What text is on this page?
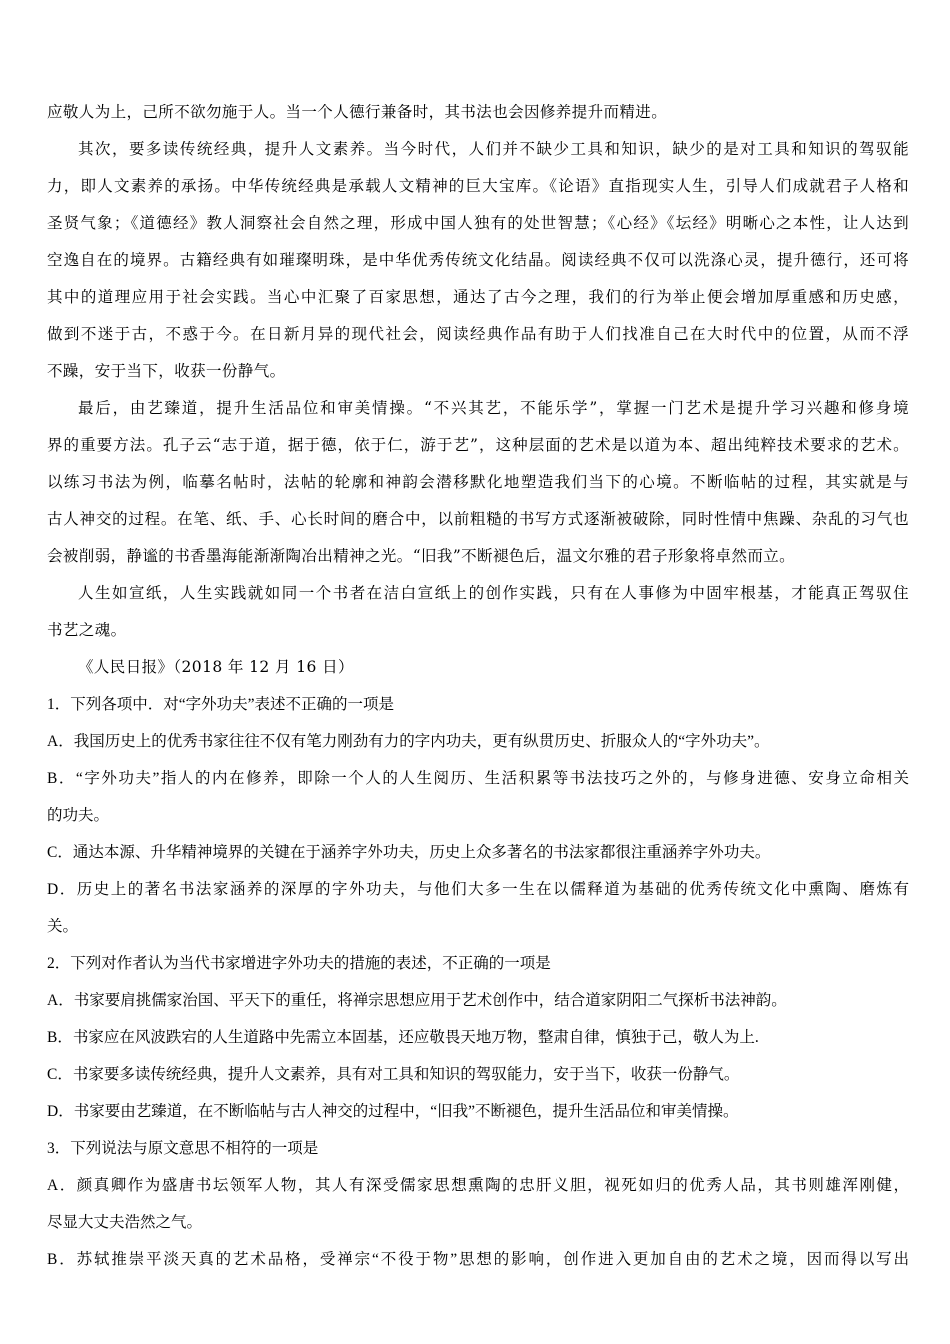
应敬人为上，己所不欲勿施于人。当一个人德行兼备时，其书法也会因修养提升而精进。
其次，要多读传统经典，提升人文素养。当今时代，人们并不缺少工具和知识，缺少的是对工具和知识的驾驭能
力，即人文素养的承扬。中华传统经典是承载人文精神的巨大宝库。《论语》直指现实人生，引导人们成就君子人格和
圣贤气象；《道德经》教人洞察社会自然之理，形成中国人独有的处世智慧；《心经》《坛经》明晰心之本性，让人达到
空逸自在的境界。古籍经典有如璀璨明珠，是中华优秀传统文化结晶。阅读经典不仅可以洗涤心灵，提升德行，还可将
其中的道理应用于社会实践。当心中汇聚了百家思想，通达了古今之理，我们的行为举止便会增加厚重感和历史感，
做到不迷于古，不惑于今。在日新月异的现代社会，阅读经典作品有助于人们找准自己在大时代中的位置，从而不浮
不躁，安于当下，收获一份静气。
最后，由艺臻道，提升生活品位和审美情操。“不兴其艺，不能乐学”，掌握一门艺术是提升学习兴趣和修身境
界的重要方法。孔子云“志于道，据于德，依于仁，游于艺”，这种层面的艺术是以道为本、超出纯粹技术要求的艺术。
以练习书法为例，临摹名帖时，法帖的轮廓和神韵会潜移默化地塑造我们当下的心境。不断临帖的过程，其实就是与
古人神交的过程。在笔、纸、手、心长时间的磨合中，以前粗糙的书写方式逐渐被破除，同时性情中焦躁、杂乱的习气也
会被削弱，静谧的书香墨海能渐渐陶冶出精神之光。“旧我”不断褪色后，温文尔雅的君子形象将卓然而立。
人生如宣纸，人生实践就如同一个书者在洁白宣纸上的创作实践，只有在人事修为中固牢根基，才能真正驾驭住
书艺之魂。
《人民日报》（2018 年 12 月 16 日）
1．下列各项中．对“字外功夫”表述不正确的一项是
A．我国历史上的优秀书家往往不仅有笔力刚劲有力的字内功夫，更有纵贯历史、折服众人的“字外功夫”。
B．“字外功夫”指人的内在修养，即除一个人的人生阅历、生活积累等书法技巧之外的，与修身进德、安身立命相关
的功夫。
C．通达本源、升华精神境界的关键在于涵养字外功夫，历史上众多著名的书法家都很注重涵养字外功夫。
D．历史上的著名书法家涵养的深厚的字外功夫，与他们大多一生在以儒释道为基础的优秀传统文化中熏陶、磨炼有
关。
2．下列对作者认为当代书家增进字外功夫的措施的表述，不正确的一项是
A．书家要肩挑儒家治国、平天下的重任，将禅宗思想应用于艺术创作中，结合道家阴阳二气探析书法神韵。
B．书家应在风波跌宕的人生道路中先需立本固基，还应敬畏天地万物，整肃自律，慎独于己，敬人为上.
C．书家要多读传统经典，提升人文素养，具有对工具和知识的驾驭能力，安于当下，收获一份静气。
D．书家要由艺臻道，在不断临帖与古人神交的过程中，“旧我”不断褪色，提升生活品位和审美情操。
3．下列说法与原文意思不相符的一项是
A．颜真卿作为盛唐书坛领军人物，其人有深受儒家思想熏陶的忠肝义胆，视死如归的优秀人品，其书则雄浑刚健，
尽显大丈夫浩然之气。
B．苏轼推崇平淡天真的艺术品格，受禅宗“不役于物”思想的影响，创作进入更加自由的艺术之境，因而得以写出
